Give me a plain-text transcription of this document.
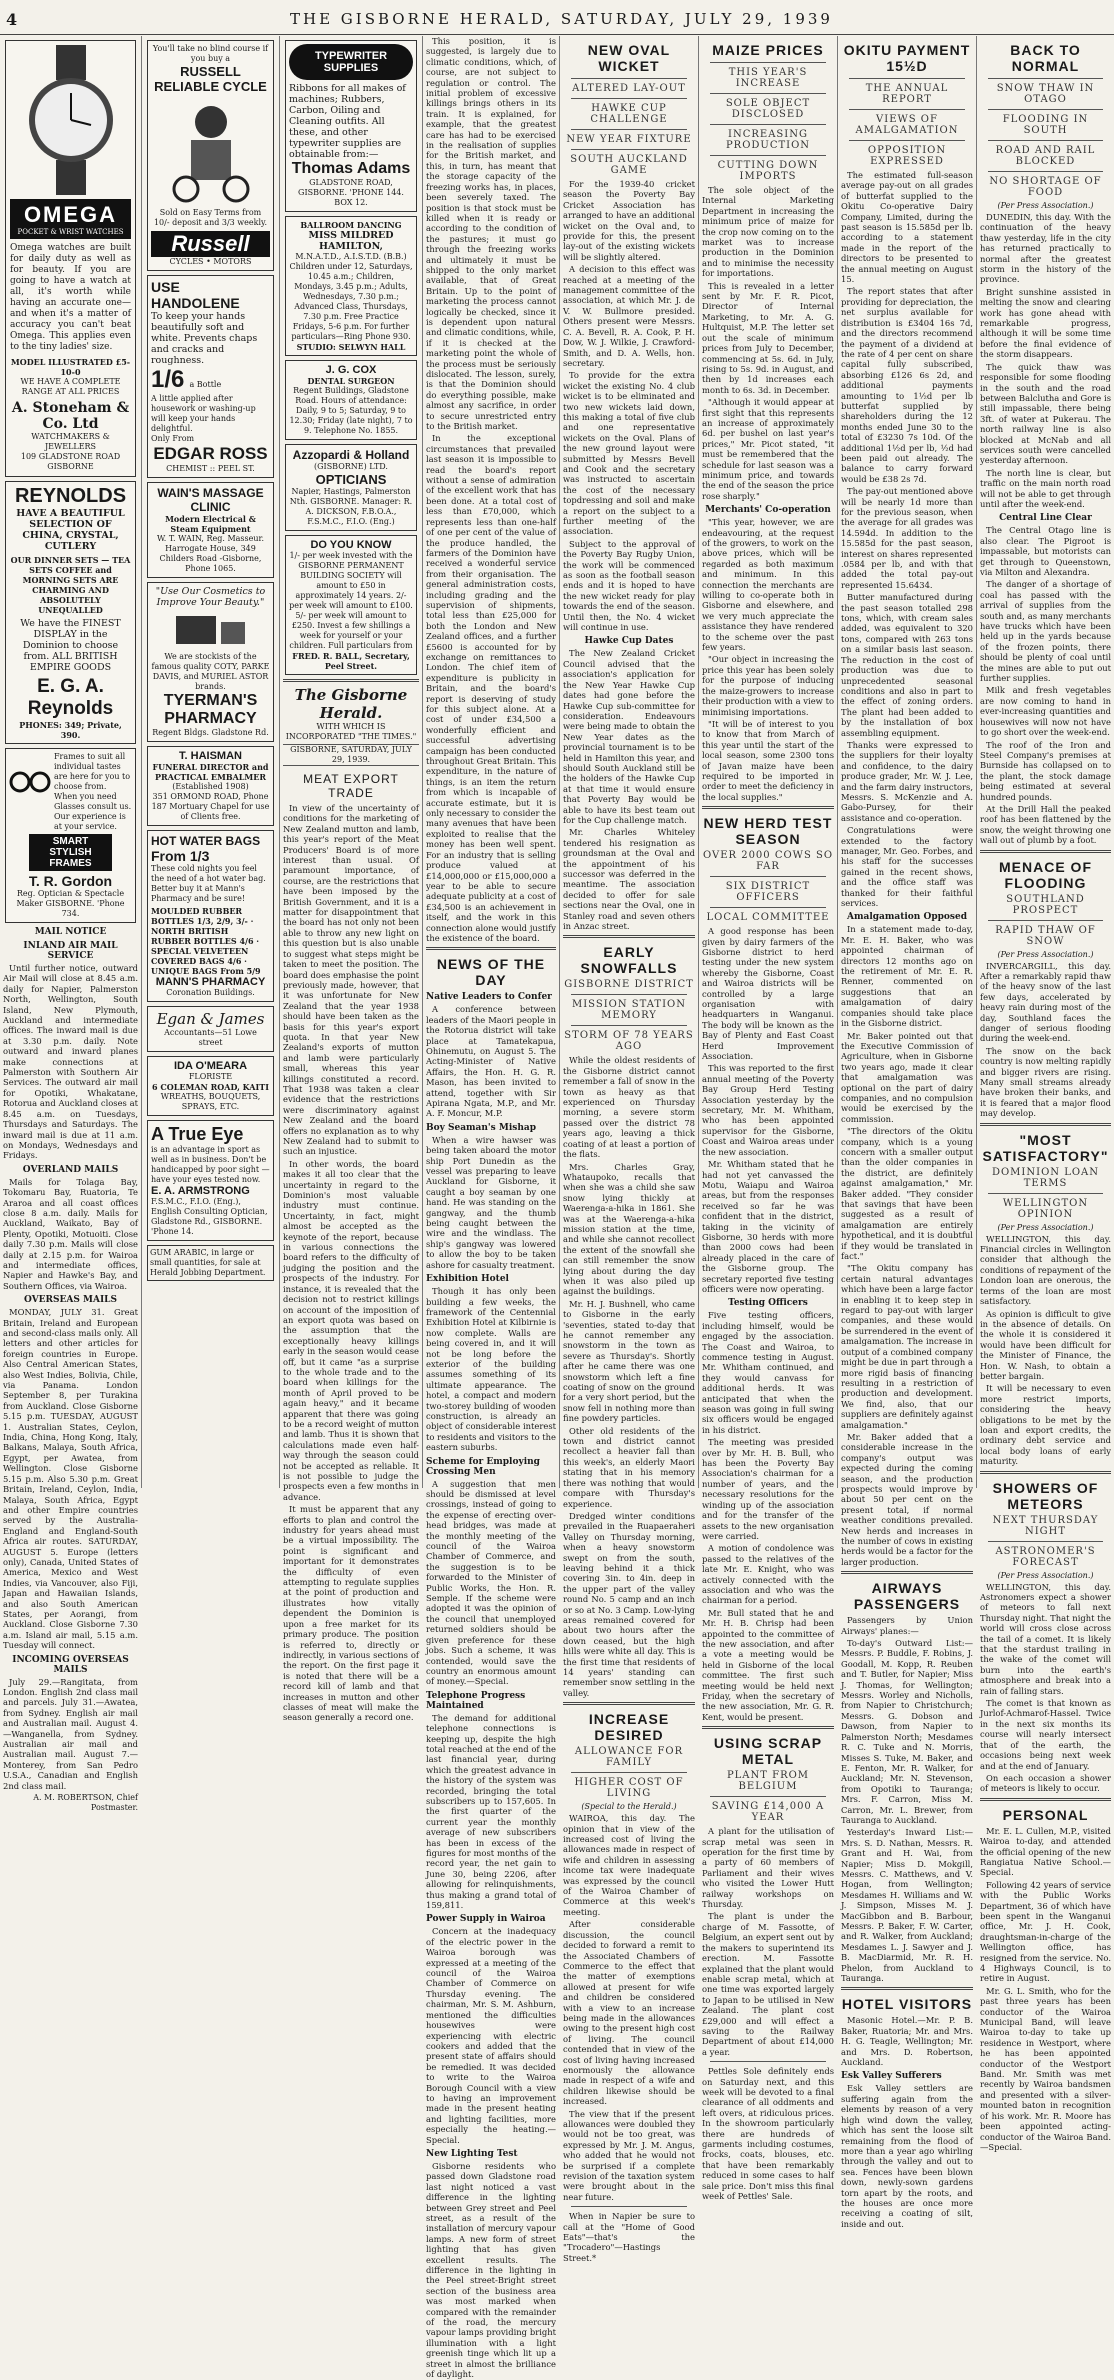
4	THE GISBORNE HERALD, SATURDAY, JULY 29, 1939
OMEGA
POCKET & WRIST WATCHES
Omega watches are built for daily duty as well as for beauty. If you are going to have a watch at all, it's worth while having an accurate one—and when it's a matter of accuracy you can't beat Omega. This applies even to the tiny ladies' size.
MODEL ILLUSTRATED £5-10-0
WE HAVE A COMPLETE RANGE AT ALL PRICES
A. Stoneham & Co. Ltd
WATCHMAKERS & JEWELLERS
109 GLADSTONE ROAD GISBORNE
REYNOLDS
HAVE A BEAUTIFUL SELECTION OF CHINA, CRYSTAL, CUTLERY
OUR DINNER SETS — TEA SETS COFFEE and MORNING SETS ARE CHARMING AND ABSOLUTELY UNEQUALLED
We have the FINEST DISPLAY in the Dominion to choose from. ALL BRITISH EMPIRE GOODS
E. G. A. Reynolds
PHONES: 349; Private, 390.
Frames to suit all individual tastes are here for you to choose from. When you need Glasses consult us. Our experience is at your service.
SMART STYLISH FRAMES
T. R. Gordon
Reg. Optician & Spectacle Maker GISBORNE. 'Phone 734.
MAIL NOTICE
INLAND AIR MAIL SERVICE

Until further notice, outward Air Mail will close at 8.45 a.m. daily for Napier, Palmerston North, Wellington, South Island, New Plymouth, Auckland and intermediate offices. The inward mail is due at 3.30 p.m. daily. Note outward and inward planes make connections at Palmerston with Southern Air Services. The outward air mail for Opotiki, Whakatane, Rotorua and Auckland closes at 8.45 a.m. on Tuesdays, Thursdays and Saturdays. The inward mail is due at 11 a.m. on Mondays, Wednesdays and Fridays.

OVERLAND MAILS

Mails for Tolaga Bay, Tokomaru Bay, Ruatoria, Te Araroa and all coast offices close 8 a.m. daily. Mails for Auckland, Waikato, Bay of Plenty, Opotiki, Motuoiti. Close daily 7.30 p.m. Mails will close daily at 2.15 p.m. for Wairoa and intermediate offices, Napier and Hawke's Bay, and Southern Offices, via Wairoa.

OVERSEAS MAILS

MONDAY, JULY 31. Great Britain, Ireland and European and second-class mails only. All letters and other articles for foreign countries in Europe. Also Central American States, also West Indies, Bolivia, Chile, via Panama. London September 8, per Turakina from Auckland. Close Gisborne 5.15 p.m. TUESDAY, AUGUST 1. Australian States, Ceylon, India, China, Hong Kong, Italy, Balkans, Malaya, South Africa, Egypt, per Awatea, from Wellington. Close Gisborne 5.15 p.m. Also 5.30 p.m. Great Britain, Ireland, Ceylon, India, Malaya, South Africa, Egypt and other Empire countries served by the Australia-England and England-South Africa air routes. SATURDAY, AUGUST 5. Europe (letters only), Canada, United States of America, Mexico and West Indies, via Vancouver, also Fiji, Japan and Hawaiian Islands, and also South American States, per Aorangi, from Auckland. Close Gisborne 7.30 a.m. Island air mail, 5.15 a.m. Tuesday will connect.

INCOMING OVERSEAS MAILS

July 29.—Rangitata, from London. English 2nd class mail and parcels. July 31.—Awatea, from Sydney. English air mail and Australian mail. August 4.—Wanganella, from Sydney. Australian air mail and Australian mail. August 7.—Monterey, from San Pedro U.S.A., Canadian and English 2nd class mail.

A. M. ROBERTSON, Chief Postmaster.
You'll take no blind course if you buy a
RUSSELL RELIABLE CYCLE
Sold on Easy Terms from 10/- deposit and 3/3 weekly.
Russell
CYCLES • MOTORS
USE HANDOLENE
To keep your hands beautifully soft and white. Prevents chaps and cracks and roughness.
1/6 a Bottle
A little applied after housework or washing-up will keep your hands delightful.
Only From
EDGAR ROSS
CHEMIST :: PEEL ST.
WAIN'S MASSAGE CLINIC
Modern Electrical & Steam Equipment
W. T. WAIN, Reg. Masseur.
Harrogate House, 349 Childers Road -Gisborne, Phone 1065.
"Use Our Cosmetics to Improve Your Beauty."
We are stockists of the famous quality COTY, PARKE DAVIS, and MURIEL ASTOR brands.
TYERMAN'S PHARMACY
Regent Bldgs. Gladstone Rd.
T. HAISMAN
FUNERAL DIRECTOR and PRACTICAL EMBALMER
(Established 1908)
351 ORMOND ROAD, Phone 187 Mortuary Chapel for use of Clients free.
HOT WATER BAGS
From 1/3
These cold nights you feel the need of a hot water bag. Better buy it at Mann's Pharmacy and be sure!
MOULDED RUBBER BOTTLES 1/3, 2/9, 3/- · NORTH BRITISH RUBBER BOTTLES 4/6 · SPECIAL VELVETEEN COVERED BAGS 4/6 · UNIQUE BAGS From 5/9
MANN'S PHARMACY
Coronation Buildings.
Egan & James
Accountants—51 Lowe street
IDA O'MEARA
FLORISTE
6 COLEMAN ROAD, KAITI
WREATHS, BOUQUETS, SPRAYS, ETC.
A True Eye
is an advantage in sport as well as in business. Don't be handicapped by poor sight — have your eyes tested now.
E. A. ARMSTRONG
F.S.M.C., F.I.O. (Eng.), English Consulting Optician, Gladstone Rd., GISBORNE. 'Phone 14.
GUM ARABIC, in large or small quantities, for sale at Herald Jobbing Department.
TYPEWRITER SUPPLIES
Ribbons for all makes of machines; Rubbers, Carbon, Oiling and Cleaning outfits. All these, and other typewriter supplies are obtainable from:—
Thomas Adams
GLADSTONE ROAD, GISBORNE. 'PHONE 144. BOX 12.
BALLROOM DANCING
MISS MILDRED HAMILTON,
M.N.A.T.D., A.I.S.T.D. (B.B.) Children under 12, Saturdays, 10.45 a.m.; Children, Mondays, 3.45 p.m.; Adults, Wednesdays, 7.30 p.m.; Advanced Class, Thursdays, 7.30 p.m. Free Practice Fridays, 5-6 p.m. For further particulars—Ring Phone 930.
STUDIO: SELWYN HALL
J. G. COX
DENTAL SURGEON
Regent Buildings, Gladstone Road. Hours of attendance: Daily, 9 to 5; Saturday, 9 to 12.30; Friday (late night), 7 to 9. Telephone No. 1855.
Azzopardi & Holland
(GISBORNE) LTD.
OPTICIANS
Napier, Hastings, Palmerston Nth. GISBORNE. Manager: R. A. DICKSON, F.B.O.A., F.S.M.C., F.I.O. (Eng.)
DO YOU KNOW
1/- per week invested with the GISBORNE PERMANENT BUILDING SOCIETY will amount to £50 in approximately 14 years. 2/- per week will amount to £100. 5/- per week will amount to £250. Invest a few shillings a week for yourself or your children. Full particulars from
FRED. R. BALL, Secretary, Peel Street.
The Gisborne Herald.
WITH WHICH IS INCORPORATED "THE TIMES."
GISBORNE, SATURDAY, JULY 29, 1939.
MEAT EXPORT TRADE

In view of the uncertainty of conditions for the marketing of New Zealand mutton and lamb, this year's report of the Meat Producers' Board is of more interest than usual. Of paramount importance, of course, are the restrictions that have been imposed by the British Government, and it is a matter for disappointment that the board has not only not been able to throw any new light on this question but is also unable to suggest what steps might be taken to meet the position. The board does emphasise the point previously made, however, that it was unfortunate for New Zealand that the year 1938 should have been taken as the basis for this year's export quota. In that year New Zealand's exports of mutton and lamb were particularly small, whereas this year killings constituted a record. That 1938 was taken a clear evidence that the restrictions were discriminatory against New Zealand and the board offers no explanation as to why New Zealand had to submit to such an injustice.

In other words, the board makes it all too clear that the uncertainty in regard to the Dominion's most valuable industry must continue. Uncertainty, in fact, might almost be accepted as the keynote of the report, because in various connections the board refers to the difficulty of judging the position and the prospects of the industry. For instance, it is revealed that the decision not to restrict killings on account of the imposition of an export quota was based on the assumption that the exceptionally heavy killings early in the season would cease off, but it came "as a surprise to the whole trade and to the board when killings for the month of April proved to be again heavy," and it became apparent that there was going to be a record weight of mutton and lamb. Thus it is shown that calculations made even half-way through the season could not be accepted as reliable. It is not possible to judge the prospects even a few months in advance.

It must be apparent that any efforts to plan and control the industry for years ahead must be a virtual impossibility. The point is significant and important for it demonstrates the difficulty of even attempting to regulate supplies at the point of production and illustrates how vitally dependent the Dominion is upon a free market for its primary produce. The position is referred to, directly or indirectly, in various sections of the report. On the first page it is noted that there will be a record kill of lamb and that increases in mutton and other classes of meat will make the season generally a record one.

This position, it is suggested, is largely due to climatic conditions, which, of course, are not subject to regulation or control. The initial problem of excessive killings brings others in its train. It is explained, for example, that the greatest care has had to be exercised in the realisation of supplies for the British market, and this, in turn, has meant that the storage capacity of the freezing works has, in places, been severely taxed. The position is that stock must be killed when it is ready or according to the condition of the pastures; it must go through the freezing works and ultimately it must be shipped to the only market available, that of Great Britain. Up to the point of marketing the process cannot logically be checked, since it is dependent upon natural and climatic conditions, while, if it is checked at the marketing point the whole of the process must be seriously dislocated. The lesson, surely, is that the Dominion should do everything possible, make almost any sacrifice, in order to secure unrestricted entry to the British market.

In the exceptional circumstances that prevailed last season it is impossible to read the board's report without a sense of admiration of the excellent work that has been done. At a total cost of less than £70,000, which represents less than one-half of one per cent of the value of the produce handled, the farmers of the Dominion have received a wonderful service from their organisation. The general administration costs, including grading and the supervision of shipments, total less than £25,000 for both the London and New Zealand offices, and a further £5600 is accounted for by exchange on remittances to London. The chief item of expenditure is publicity in Britain, and the board's report is deserving of study for this subject alone. At a cost of under £34,500 a wonderfully efficient and successful advertising campaign has been conducted throughout Great Britain. This expenditure, in the nature of things, is an item the return from which is incapable of accurate estimate, but it is only necessary to consider the many avenues that have been exploited to realise that the money has been well spent. For an industry that is selling produce valued at £14,000,000 or £15,000,000 a year to be able to secure adequate publicity at a cost of £34,500 is an achievement in itself, and the work in this connection alone would justify the existence of the board.

NEWS OF THE DAY
Native Leaders to Confer

A conference between leaders of the Maori people in the Rotorua district will take place at Tamatekapua, Ohinemutu, on August 5. The Acting-Minister of Native Affairs, the Hon. H. G. R. Mason, has been invited to attend, together with Sir Apirana Ngata, M.P., and Mr. A. F. Moncur, M.P.

Boy Seaman's Mishap

When a wire hawser was being taken aboard the motor ship Port Dunedin as the vessel was preparing to leave Auckland for Gisborne, it caught a boy seaman by one hand. He was standing on the gangway, and the thumb being caught between the wire and the windlass. The ship's gangway was lowered to allow the boy to be taken ashore for casualty treatment.

Exhibition Hotel

Though it has only been building a few weeks, the framework of the Centennial Exhibition Hotel at Kilbirnie is now complete. Walls are being covered in, and it will not be long before the exterior of the building assumes something of its ultimate appearance. The hotel, a compact and modern two-storey building of wooden construction, is already an object of considerable interest to residents and visitors to the eastern suburbs.

Scheme for Employing Crossing Men

A suggestion that men should be dismissed at level crossings, instead of going to the expense of erecting over-head bridges, was made at the monthly meeting of the council of the Wairoa Chamber of Commerce, and the suggestion is to be forwarded to the Minister of Public Works, the Hon. R. Semple. If the scheme were adopted it was the opinion of the council that unemployed returned soldiers should be given preference for these jobs. Such a scheme, it was contended, would save the country an enormous amount of money.—Special.

Telephone Progress Maintained

The demand for additional telephone connections is keeping up, despite the high total reached at the end of the last financial year, during which the greatest advance in the history of the system was recorded, bringing the total subscribers up to 157,605. In the first quarter of the current year the monthly average of new subscribers has been in excess of the figures for most months of the record year, the net gain to June 30, being 2206, after allowing for relinquishments, thus making a grand total of 159,811.

Power Supply in Wairoa

Concern at the inadequacy of the electric power in the Wairoa borough was expressed at a meeting of the council of the Wairoa Chamber of Commerce on Thursday evening. The chairman, Mr. S. M. Ashburn, mentioned the difficulties housewives were experiencing with electric cookers and added that the present state of affairs should be remedied. It was decided to write to the Wairoa Borough Council with a view to having an improvement made in the present heating and lighting facilities, more especially the heating.—Special.

New Lighting Test

Gisborne residents who passed down Gladstone road last night noticed a vast difference in the lighting between Grey street and Peel street, as a result of the installation of mercury vapour lamps. A new form of street lighting that has given excellent results. The difference in the lighting in the Peel street-Bright street section of the business area was most marked when compared with the remainder of the road, the mercury vapour lamps providing bright illumination with a light greenish tinge which lit up a street in almost the brilliance of daylight.

NEW OVAL WICKET
ALTERED LAY-OUT
HAWKE CUP CHALLENGE
NEW YEAR FIXTURE
SOUTH AUCKLAND GAME

For the 1939-40 cricket season the Poverty Bay Cricket Association has arranged to have an additional wicket on the Oval and, to provide for this, the present lay-out of the existing wickets will be slightly altered.

A decision to this effect was reached at a meeting of the management committee of the association, at which Mr. J. de V. W. Bullmore presided. Others present were Messrs. C. A. Bevell, R. A. Cook, P. H. Dow, W. J. Wilkie, J. Crawford-Smith, and D. A. Wells, hon. secretary.

To provide for the extra wicket the existing No. 4 club wicket is to be eliminated and two new wickets laid down, this making a total of five club and one representative wickets on the Oval. Plans of the new ground layout were submitted by Messrs Bevell and Cook and the secretary was instructed to ascertain the cost of the necessary topdressing and soil and make a report on the subject to a further meeting of the association.

Subject to the approval of the Poverty Bay Rugby Union, the work will be commenced as soon as the football season ends and it is hoped to have the new wicket ready for play towards the end of the season. Until then, the No. 4 wicket will continue in use.

Hawke Cup Dates

The New Zealand Cricket Council advised that the association's application for the New Year Hawke Cup dates had gone before the Hawke Cup sub-committee for consideration. Endeavours were being made to obtain the New Year dates as the provincial tournament is to be held in Hamilton this year, and should South Auckland still be the holders of the Hawke Cup at that time it would ensure that Poverty Bay would be able to have its best team out for the Cup challenge match.

Mr. Charles Whiteley tendered his resignation as groundsman at the Oval and the appointment of his successor was deferred in the meantime. The association decided to offer for sale sections near the Oval, one in Stanley road and seven others in Anzac street.

EARLY SNOWFALLS
GISBORNE DISTRICT
MISSION STATION MEMORY
STORM OF 78 YEARS AGO

While the oldest residents of the Gisborne district cannot remember a fall of snow in the town as heavy as that experienced on Thursday morning, a severe storm passed over the district 78 years ago, leaving a thick coating of at least a portion of the flats.

Mrs. Charles Gray, Whataupoko, recalls that when she was a child she saw snow lying thickly at Waerenga-a-hika in 1861. She was at the Waerenga-a-hika mission station at the time, and while she cannot recollect the extent of the snowfall she can still remember the snow lying about during the day when it was also piled up against the buildings.

Mr. H. J. Bushnell, who came to Gisborne in the early 'seventies, stated to-day that he cannot remember any snowstorm in the town as severe as Thursday's. Shortly after he came there was one snowstorm which left a fine coating of snow on the ground for a very short period, but the snow fell in nothing more than fine powdery particles.

Other old residents of the town and district cannot recollect a heavier fall than this week's, an elderly Maori stating that in his memory there was nothing that would compare with Thursday's experience.

Dredged winter conditions prevailed in the Ruapaeraheri Valley on Thursday morning, when a heavy snowstorm swept on from the south, leaving behind it a thick covering 3in. to 4in. deep in the upper part of the valley round No. 5 camp and an inch or so at No. 3 Camp. Low-lying areas remained covered for about two hours after the down ceased, but the high hills were white all day. This is the first time that residents of 14 years' standing can remember snow settling in the valley.

INCREASE DESIRED
ALLOWANCE FOR FAMILY
HIGHER COST OF LIVING
(Special to the Herald.)

WAIROA, this day. The opinion that in view of the increased cost of living the allowances made in respect of wife and children in assessing income tax were inadequate was expressed by the council of the Wairoa Chamber of Commerce at this week's meeting.

After considerable discussion, the council decided to forward a remit to the Associated Chambers of Commerce to the effect that the matter of exemptions allowed at present for wife and children be considered with a view to an increase being made in the allowances owing to the present high cost of living. The council contended that in view of the cost of living having increased enormously the allowance made in respect of a wife and children likewise should be increased.

The view that if the present allowances were doubled they would not be too great, was expressed by Mr. J. M. Angus, who added that he would not be surprised if a complete revision of the taxation system were brought about in the near future.

When in Napier be sure to call at the "Home of Good Eats"—that's the "Trocadero"—Hastings Street.*

MAIZE PRICES
THIS YEAR'S INCREASE
SOLE OBJECT DISCLOSED
INCREASING PRODUCTION
CUTTING DOWN IMPORTS

The sole object of the Internal Marketing Department in increasing the minimum price of maize for the crop now coming on to the market was to increase production in the Dominion and to minimise the necessity for importations.

This is revealed in a letter sent by Mr. F. R. Picot, Director of Internal Marketing, to Mr. A. G. Hultquist, M.P. The letter set out the scale of minimum prices from July to December, commencing at 5s. 6d. in July, rising to 5s. 9d. in August, and then by 1d increases each month to 6s. 3d. in December.

"Although it would appear at first sight that this represents an increase of approximately 6d. per bushel on last year's prices," Mr. Picot stated, "it must be remembered that the schedule for last season was a minimum price, and towards the end of the season the price rose sharply."

Merchants' Co-operation

"This year, however, we are endeavouring, at the request of the growers, to work on the above prices, which will be regarded as both maximum and minimum. In this connection the merchants are willing to co-operate both in Gisborne and elsewhere, and we very much appreciate the assistance they have rendered to the scheme over the past few years.

"Our object in increasing the price this year has been solely for the purpose of inducing the maize-growers to increase their production with a view to minimising importations.

"It will be of interest to you to know that from March of this year until the start of the local season, some 2300 tons of Javan maize have been required to be imported in order to meet the deficiency in the local supplies."

NEW HERD TEST SEASON
OVER 2000 COWS SO FAR
SIX DISTRICT OFFICERS
LOCAL COMMITTEE

A good response has been given by dairy farmers of the Gisborne district to herd testing under the new system whereby the Gisborne, Coast and Wairoa districts will be controlled by a large organisation with headquarters in Wanganui. The body will be known as the Bay of Plenty and East Coast Herd Improvement Association.

This was reported to the first annual meeting of the Poverty Bay Group Herd Testing Association yesterday by the secretary, Mr. M. Whitham, who has been appointed supervisor for the Gisborne, Coast and Wairoa areas under the new association.

Mr. Whitham stated that he had not yet canvassed the Motu, Waiapu and Wairoa areas, but from the responses received so far he was confident that in the district, taking in the vicinity of Gisborne, 30 herds with more than 2000 cows had been already placed in the care of the Gisborne group. The secretary reported five testing officers were now operating.

Testing Officers

Five testing officers, including himself, would be engaged by the association. The Coast and Wairoa, to commence testing in August. Mr. Whitham continued, and they would canvass for additional herds. It was anticipated that when the season was going in full swing six officers would be engaged in his district.

The meeting was presided over by Mr. H. B. Bull, who has been the Poverty Bay Association's chairman for a number of years, and the necessary resolutions for the winding up of the association and for the transfer of the assets to the new organisation were carried.

A motion of condolence was passed to the relatives of the late Mr. E. Knight, who was actively connected with the association and who was the chairman for a period.

Mr. Bull stated that he and Mr. H. B. Chrisp had been appointed to the committee of the new association, and after a vote a meeting would be held in Gisborne of the local committee. The first such meeting would be held next Friday, when the secretary of the new association, Mr. G. R. Kent, would be present.

USING SCRAP METAL
PLANT FROM BELGIUM
SAVING £14,000 A YEAR

A plant for the utilisation of scrap metal was seen in operation for the first time by a party of 60 members of Parliament and their wives who visited the Lower Hutt railway workshops on Thursday.

The plant is under the charge of M. Fassotte, of Belgium, an expert sent out by the makers to superintend its erection. M. Fassotte explained that the plant would enable scrap metal, which at one time was exported largely to Japan to be utilised in New Zealand. The plant cost £29,000 and will effect a saving to the Railway Department of about £14,000 a year.

Pettles Sole definitely ends on Saturday next, and this week will be devoted to a final clearance of all oddments and left overs, at ridiculous prices. In the showroom particularly there are hundreds of garments including costumes, frocks, coats, blouses, etc. that have been remarkably reduced in some cases to half sale price. Don't miss this final week of Pettles' Sale.

OKITU PAYMENT 15½D
THE ANNUAL REPORT
VIEWS OF AMALGAMATION
OPPOSITION EXPRESSED

The estimated full-season average pay-out on all grades of butterfat supplied to the Okitu Co-operative Dairy Company, Limited, during the past season is 15.585d per lb. according to a statement made in the report of the directors to be presented to the annual meeting on August 15.

The report states that after providing for depreciation, the net surplus available for distribution is £3404 16s 7d, and the directors recommend the payment of a dividend at the rate of 4 per cent on share capital fully subscribed, absorbing £126 6s 2d, and additional payments amounting to 1½d per lb butterfat supplied by shareholders during the 12 months ended June 30 to the total of £3230 7s 10d. Of the additional 1½d per lb, ½d had been paid out already. The balance to carry forward would be £38 2s 7d.

The pay-out mentioned above will be nearly 1d more than for the previous season, when the average for all grades was 14.594d. In addition to the 15.585d for the past season, interest on shares represented .0584 per lb, and with that added the total pay-out represented 15.6434.

Butter manufactured during the past season totalled 298 tons, which, with cream sales added, was equivalent to 320 tons, compared with 263 tons on a similar basis last season. The reduction in the cost of production was due to unprecedented seasonal conditions and also in part to the effect of zoning orders. The plant had been added to by the installation of box assembling equipment.

Thanks were expressed to the suppliers for their loyalty and confidence, to the dairy produce grader, Mr. W. J. Lee, and the farm dairy instructors, Messrs. S. McKenzie and A. Gabo-Pursey, for their assistance and co-operation.

Congratulations were extended to the factory manager, Mr. Geo. Forbes, and his staff for the successes gained in the recent shows, and the office staff was thanked for their faithful services.

Amalgamation Opposed

In a statement made to-day, Mr. E. H. Baker, who was appointed chairman of directors 12 months ago on the retirement of Mr. E. R. Renner, commented on suggestions that an amalgamation of dairy companies should take place in the Gisborne district.

Mr. Baker pointed out that the Executive Commission of Agriculture, when in Gisborne two years ago, made it clear that amalgamation was optional on the part of dairy companies, and no compulsion would be exercised by the commission.

"The directors of the Okitu company, which is a young concern with a smaller output than the older companies in the district, are definitely against amalgamation," Mr. Baker added. "They consider that savings that have been suggested as a result of amalgamation are entirely hypothetical, and it is doubtful if they would be translated in fact."

"The Okitu company has certain natural advantages which have been a large factor in enabling it to keep step in regard to pay-out with larger companies, and these would be surrendered in the event of amalgamation. The increase in output of a combined company might be due in part through a more rigid basis of financing resulting in a restriction of production and development. We find, also, that our suppliers are definitely against amalgamation."

Mr. Baker added that a considerable increase in the company's output was expected during the coming season, and the production prospects would improve by about 50 per cent on the present total, if normal weather conditions prevailed. New herds and increases in the number of cows in existing herds would be a factor for the larger production.

AIRWAYS PASSENGERS

Passengers by Union Airways' planes:—

To-day's Outward List:—Messrs. P. Buddle, F. Robins, J. Goodall, M. Kopp, R. Reuben and T. Butler, for Napier; Miss J. Thomas, for Wellington; Messrs. Worley and Nicholls, from Napier to Christchurch; Messrs. G. Dobson and Dawson, from Napier to Palmerston North; Mesdames R. C. Tuke and N. Morris, Misses S. Tuke, M. Baker, and E. Fenton, Mr. R. Walker, for Auckland; Mr. N. Stevenson, from Opotiki to Tauranga; Mrs. F. Carron, Miss M. Carron, Mr. L. Brewer, from Tauranga to Auckland.

Yesterday's Inward List:—Mrs. S. D. Nathan, Messrs. R. Grant and H. Wai, from Napier; Miss D. Mokgill, Messrs. C. Matthews, and V. Hogan, from Wellington; Mesdames H. Williams and W. J. Simpson, Misses M. J. MacGibbon and B. Barbour, Messrs. P. Baker, F. W. Carter, and R. Walker, from Auckland; Mesdames L. J. Sawyer and J. B. MacDiarmid, Mr. R. H. Phelon, from Auckland to Tauranga.

HOTEL VISITORS

Masonic Hotel.—Mr. P. B. Baker, Ruatoria; Mr. and Mrs. H. G. Teagle, Wellington; Mr. and Mrs. D. Robertson, Auckland.

Esk Valley Sufferers

Esk Valley settlers are suffering again from the elements by reason of a very high wind down the valley, which has sent the loose silt remaining from the flood of more than a year ago whirling through the valley and out to sea. Fences have been blown down, newly-sown gardens torn apart by the roots, and the houses are once more receiving a coating of silt, inside and out.

BACK TO NORMAL
SNOW THAW IN OTAGO
FLOODING IN SOUTH
ROAD AND RAIL BLOCKED
NO SHORTAGE OF FOOD
(Per Press Association.)

DUNEDIN, this day. With the continuation of the heavy thaw yesterday, life in the city has returned practically to normal after the greatest storm in the history of the province.

Bright sunshine assisted in melting the snow and clearing work has gone ahead with remarkable progress, although it will be some time before the final evidence of the storm disappears.

The quick thaw was responsible for some flooding in the south and the road between Balclutha and Gore is still impassable, there being 3ft. of water at Pukerau. The north railway line is also blocked at McNab and all services south were cancelled yesterday afternoon.

The north line is clear, but traffic on the main north road will not be able to get through until after the week-end.

Central Line Clear

The Central Otago line is also clear. The Pigroot is impassable, but motorists can get through to Queenstown, via Milton and Alexandra.

The danger of a shortage of coal has passed with the arrival of supplies from the south and, as many merchants have trucks which have been held up in the yards because of the frozen points, there should be plenty of coal until the mines are able to put out further supplies.

Milk and fresh vegetables are now coming to hand in ever-increasing quantities and housewives will now not have to go short over the week-end.

The roof of the Iron and Steel Company's premises at Burnside has collapsed on to the plant, the stock damage being estimated at several hundred pounds.

At the Drill Hall the peaked roof has been flattened by the snow, the weight throwing one wall out of plumb by a foot.

MENACE OF FLOODING
SOUTHLAND PROSPECT
RAPID THAW OF SNOW
(Per Press Association.)

INVERCARGILL, this day. After a remarkably rapid thaw of the heavy snow of the last few days, accelerated by heavy rain during most of the day, Southland faces the danger of serious flooding during the week-end.

The snow on the back country is now melting rapidly and bigger rivers are rising. Many small streams already have broken their banks, and it is feared that a major flood may develop.

"MOST SATISFACTORY"
DOMINION LOAN TERMS
WELLINGTON OPINION
(Per Press Association.)

WELLINGTON, this day. Financial circles in Wellington consider that although the conditions of repayment of the London loan are onerous, the terms of the loan are most satisfactory.

As opinion is difficult to give in the absence of details. On the whole it is considered it would have been difficult for the Minister of Finance, the Hon. W. Nash, to obtain a better bargain.

It will be necessary to even more restrict imports, considering the heavy obligations to be met by the loan and export credits, the ordinary debt service and local body loans of early maturity.

SHOWERS OF METEORS
NEXT THURSDAY NIGHT
ASTRONOMER'S FORECAST
(Per Press Association.)

WELLINGTON, this day. Astronomers expect a shower of meteors to fall next Thursday night. That night the world will cross close across the tail of a comet. It is likely that the stardust trailing in the wake of the comet will burn into the earth's atmosphere and break into a rain of falling stars.

The comet is that known as Jurlof-Achmarof-Hassel. Twice in the next six months its course will nearly intersect that of the earth, the occasions being next week and at the end of January.

On each occasion a shower of meteors is likely to occur.

PERSONAL

Mr. E. L. Cullen, M.P., visited Wairoa to-day, and attended the official opening of the new Rangiatua Native School.—Special.

Following 42 years of service with the Public Works Department, 36 of which have been spent in the Wanganui office, Mr. J. H. Cook, draughtsman-in-charge of the Wellington office, has resigned from the service. No. 4 Highways Council, is to retire in August.

Mr. G. L. Smith, who for the past three years has been conductor of the Wairoa Municipal Band, will leave Wairoa to-day to take up residence in Westport, where he has been appointed conductor of the Westport Band. Mr. Smith was met recently by Wairoa bandsmen and presented with a silver-mounted baton in recognition of his work. Mr. R. Moore has been appointed acting-conductor of the Wairoa Band.—Special.
